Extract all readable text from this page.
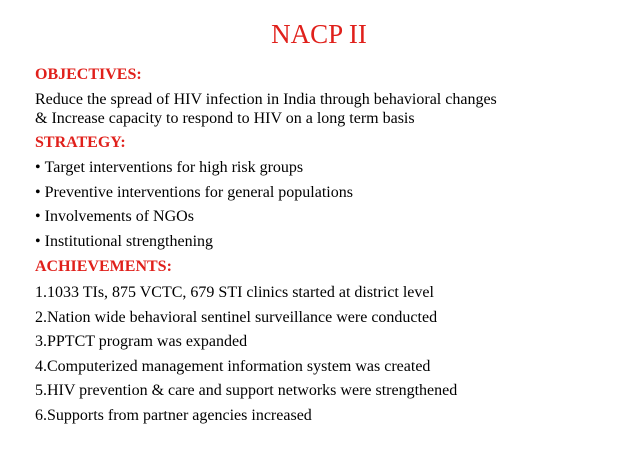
NACP II
OBJECTIVES:
Reduce the spread of HIV infection in India through behavioral changes
& Increase capacity to respond to HIV on a long term basis
STRATEGY:
• Target interventions for high risk groups
• Preventive interventions for general populations
• Involvements of NGOs
• Institutional strengthening
ACHIEVEMENTS:
1.1033 TIs, 875 VCTC, 679 STI clinics started at district level
2.Nation wide behavioral sentinel surveillance were conducted
3.PPTCT program was expanded
4.Computerized management information system was created
5.HIV prevention & care and support networks were strengthened
6.Supports from partner agencies increased
